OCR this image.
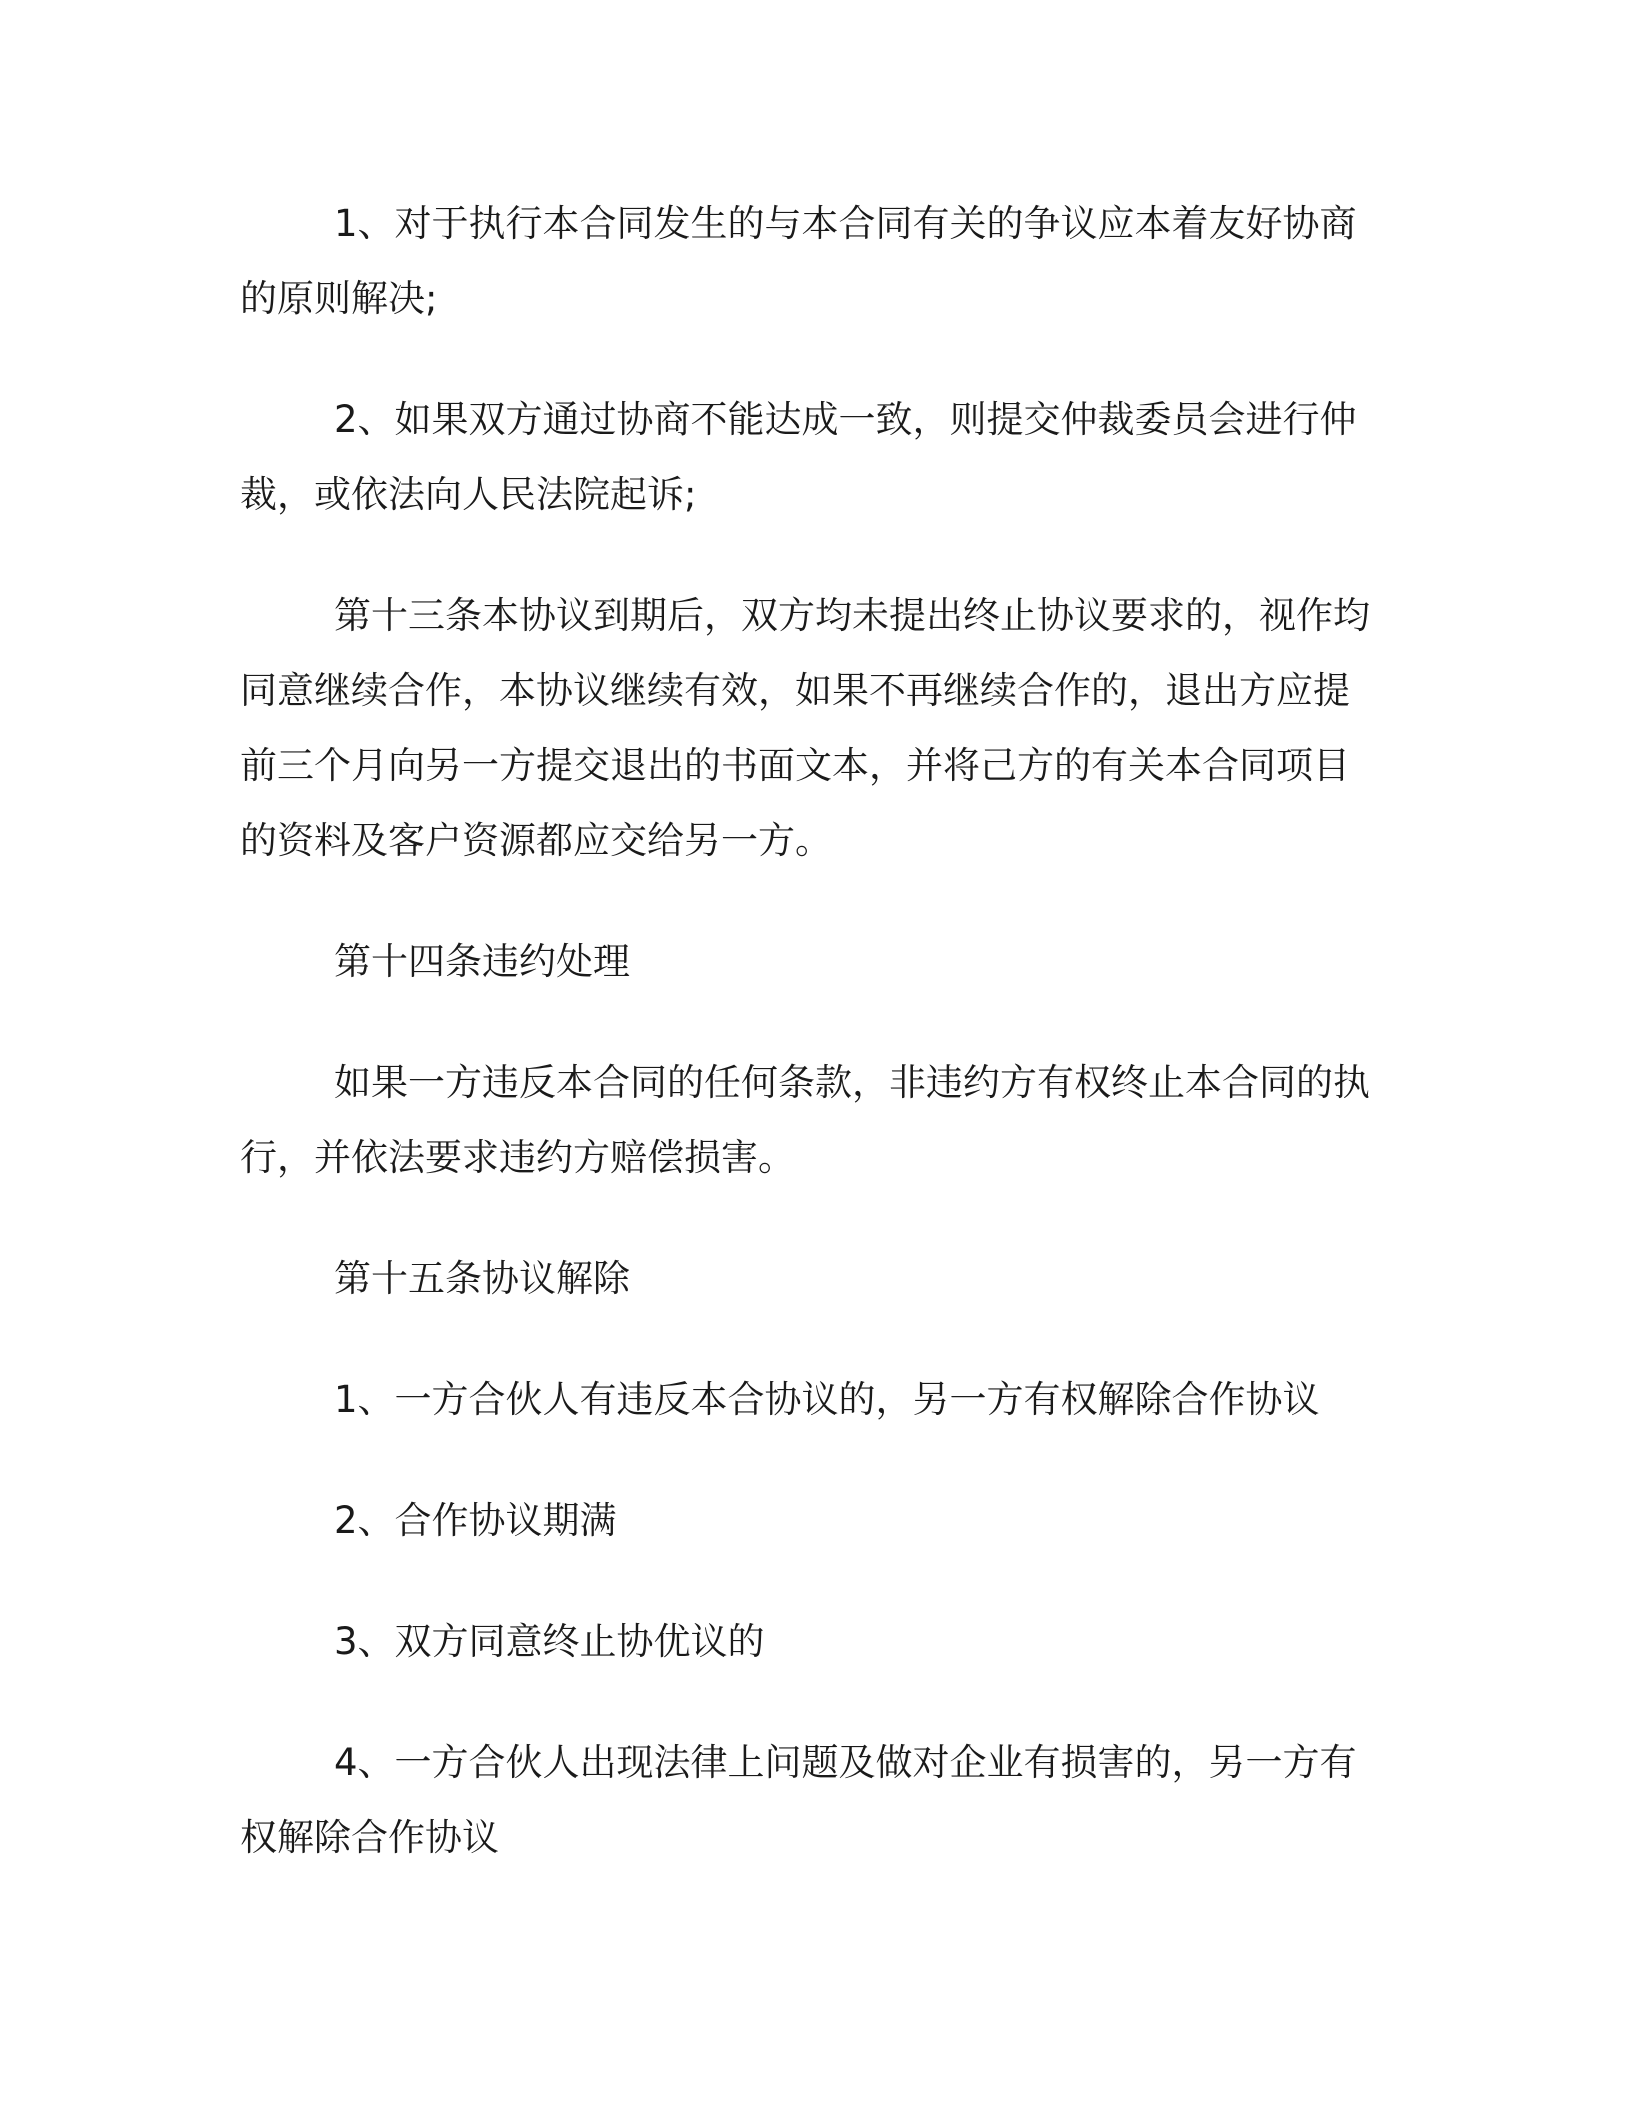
1、对于执行本合同发生的与本合同有关的争议应本着友好协商
的原则解决;

2、如果双方通过协商不能达成一致，则提交仲裁委员会进行仲
裁，或依法向人民法院起诉;

第十三条本协议到期后，双方均未提出终止协议要求的，视作均
同意继续合作，本协议继续有效，如果不再继续合作的，退出方应提
前三个月向另一方提交退出的书面文本，并将己方的有关本合同项目
的资料及客户资源都应交给另一方。

第十四条违约处理

如果一方违反本合同的任何条款，非违约方有权终止本合同的执
行，并依法要求违约方赔偿损害。

第十五条协议解除

1、一方合伙人有违反本合协议的，另一方有权解除合作协议

2、合作协议期满

3、双方同意终止协优议的

4、一方合伙人出现法律上问题及做对企业有损害的，另一方有
权解除合作协议
